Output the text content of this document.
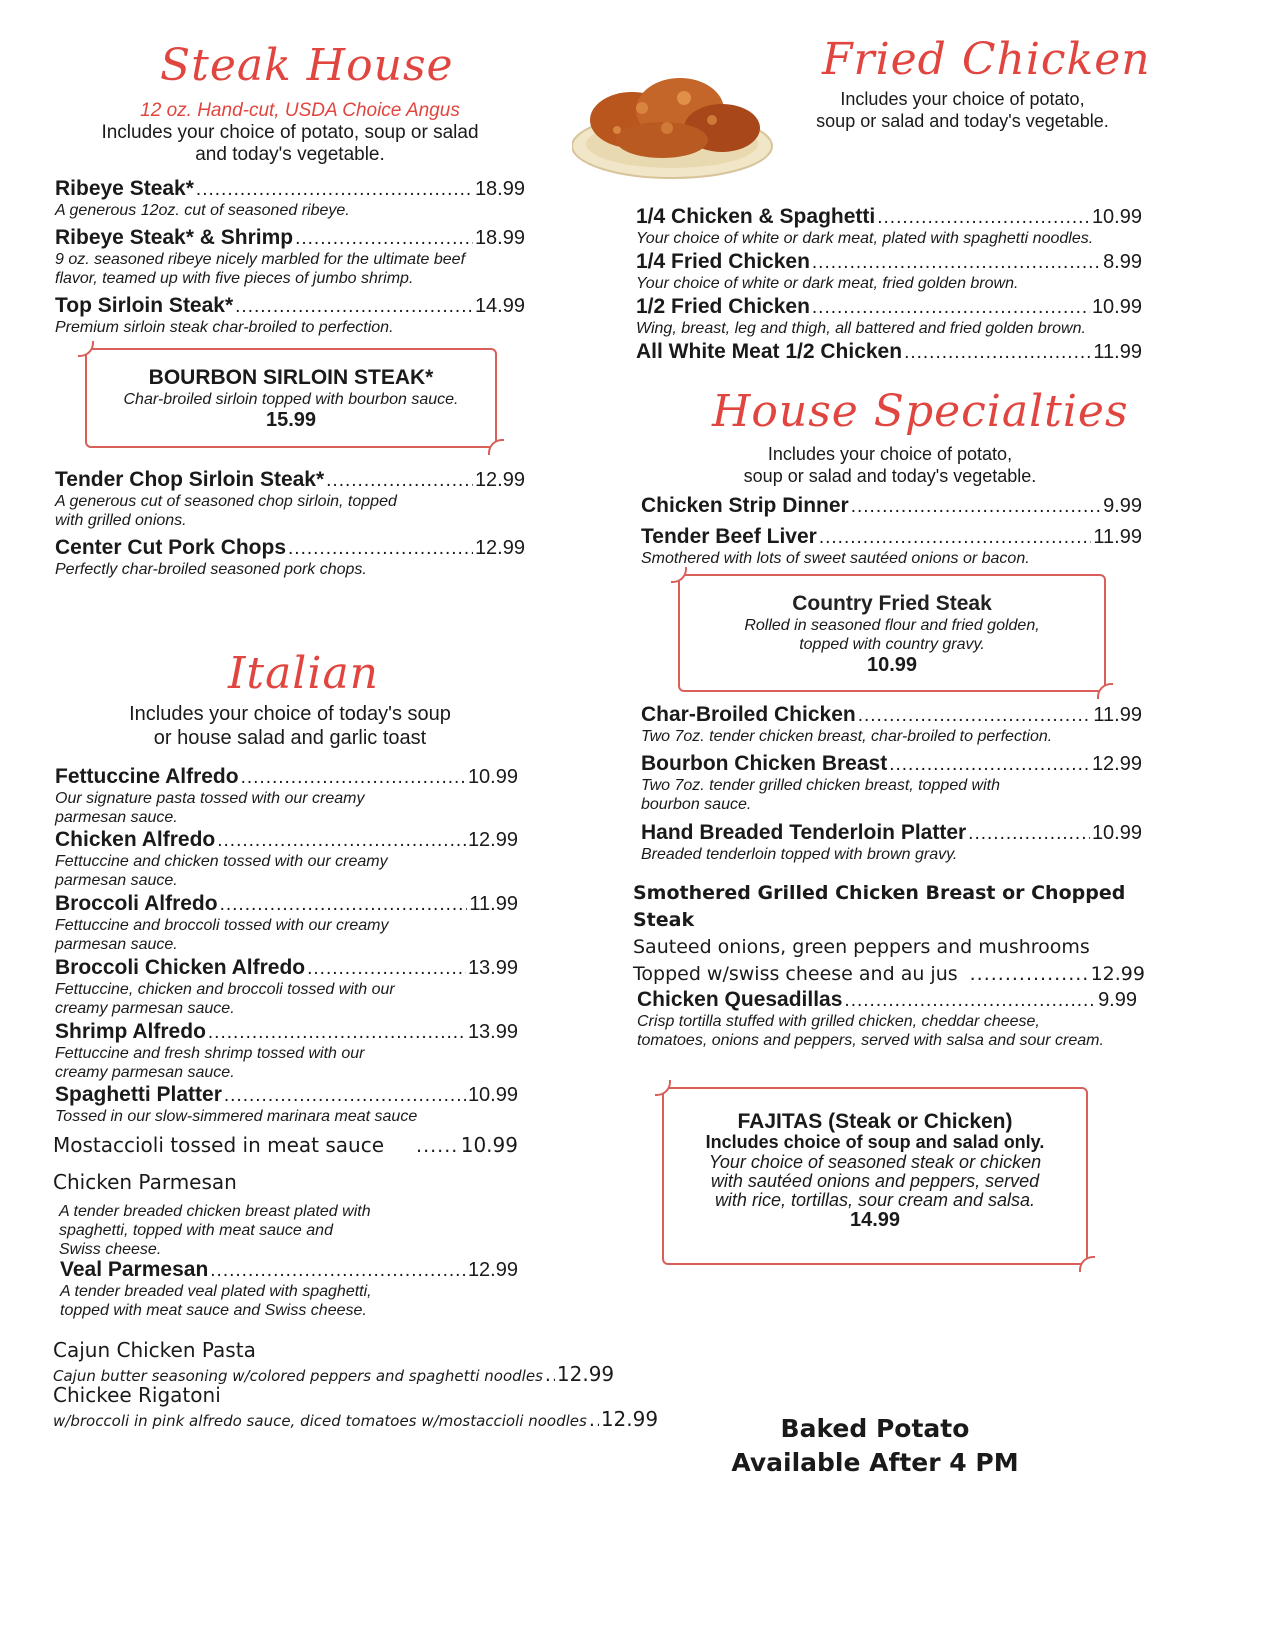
Steak House
12 oz. Hand-cut, USDA Choice Angus
Includes your choice of potato, soup or salad
and today's vegetable.
Ribeye Steak* .....	18.99
A generous 12oz. cut of seasoned ribeye.
Ribeye Steak* & Shrimp .....	18.99
9 oz. seasoned ribeye nicely marbled for the ultimate beef
flavor, teamed up with five pieces of jumbo shrimp.
Top Sirloin Steak* .....	14.99
Premium sirloin steak char-broiled to perfection.
BOURBON SIRLOIN STEAK*
Char-broiled sirloin topped with bourbon sauce.
15.99
Tender Chop Sirloin Steak* .....	12.99
A generous cut of seasoned chop sirloin, topped
with grilled onions.
Center Cut Pork Chops .....	12.99
Perfectly char-broiled seasoned pork chops.
Italian
Includes your choice of today's soup
or house salad and garlic toast
Fettuccine Alfredo .....	10.99
Our signature pasta tossed with our creamy
parmesan sauce.
Chicken Alfredo .....	12.99
Fettuccine and chicken tossed with our creamy
parmesan sauce.
Broccoli Alfredo .....	11.99
Fettuccine and broccoli tossed with our creamy
parmesan sauce.
Broccoli Chicken Alfredo .....	13.99
Fettuccine, chicken and broccoli tossed with our
creamy parmesan sauce.
Shrimp Alfredo .....	13.99
Fettuccine and fresh shrimp tossed with our
creamy parmesan sauce.
Spaghetti Platter .....	10.99
Tossed in our slow-simmered marinara meat sauce
Mostaccioli tossed in meat sauce .....	10.99
Chicken Parmesan
A tender breaded chicken breast plated with
spaghetti, topped with meat sauce and
Swiss cheese.
Veal Parmesan .....	12.99
A tender breaded veal plated with spaghetti,
topped with meat sauce and Swiss cheese.
Cajun Chicken Pasta
Cajun butter seasoning w/colored peppers and spaghetti noodles ..... 12.99
Chickee Rigatoni
w/broccoli in pink alfredo sauce, diced tomatoes w/mostaccioli noodles ..... 12.99
Fried Chicken
Includes your choice of potato,
soup or salad and today's vegetable.
1/4 Chicken & Spaghetti .....	10.99
Your choice of white or dark meat, plated with spaghetti noodles.
1/4 Fried Chicken .....	8.99
Your choice of white or dark meat, fried golden brown.
1/2 Fried Chicken .....	10.99
Wing, breast, leg and thigh, all battered and fried golden brown.
All White Meat 1/2 Chicken .....	11.99
House Specialties
Includes your choice of potato,
soup or salad and today's vegetable.
Chicken Strip Dinner .....	9.99
Tender Beef Liver .....	11.99
Smothered with lots of sweet sautéed onions or bacon.
Country Fried Steak
Rolled in seasoned flour and fried golden,
topped with country gravy.
10.99
Char-Broiled Chicken .....	11.99
Two 7oz. tender chicken breast, char-broiled to perfection.
Bourbon Chicken Breast .....	12.99
Two 7oz. tender grilled chicken breast, topped with
bourbon sauce.
Hand Breaded Tenderloin Platter .....	10.99
Breaded tenderloin topped with brown gravy.
Smothered Grilled Chicken Breast or Chopped Steak
Sauteed onions, green peppers and mushrooms
Topped w/swiss cheese and au jus .....	12.99
Chicken Quesadillas .....	9.99
Crisp tortilla stuffed with grilled chicken, cheddar cheese,
tomatoes, onions and peppers, served with salsa and sour cream.
FAJITAS (Steak or Chicken)
Includes choice of soup and salad only.
Your choice of seasoned steak or chicken
with sautéed onions and peppers, served
with rice, tortillas, sour cream and salsa.
14.99
Baked Potato
Available After 4 PM
